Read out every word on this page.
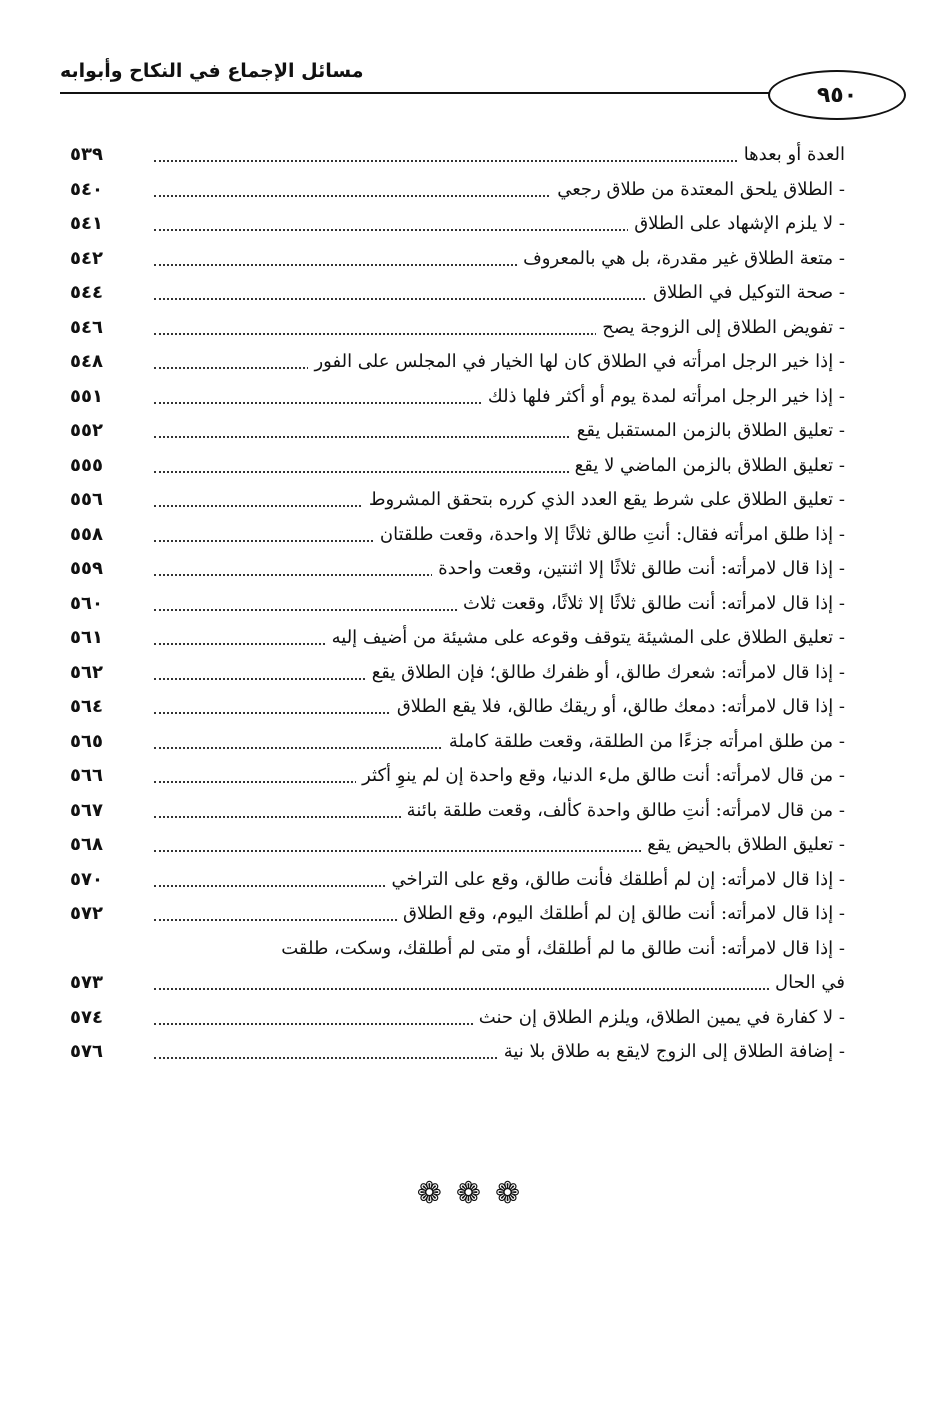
مسائل الإجماع في النكاح وأبوابه
٩٥٠
العدة أو بعدها
٥٣٩
- الطلاق يلحق المعتدة من طلاق رجعي
٥٤٠
- لا يلزم الإشهاد على الطلاق
٥٤١
- متعة الطلاق غير مقدرة، بل هي بالمعروف
٥٤٢
- صحة التوكيل في الطلاق
٥٤٤
- تفويض الطلاق إلى الزوجة يصح
٥٤٦
- إذا خير الرجل امرأته في الطلاق كان لها الخيار في المجلس على الفور
٥٤٨
- إذا خير الرجل امرأته لمدة يوم أو أكثر فلها ذلك
٥٥١
- تعليق الطلاق بالزمن المستقبل يقع
٥٥٢
- تعليق الطلاق بالزمن الماضي لا يقع
٥٥٥
- تعليق الطلاق على شرط يقع العدد الذي كرره بتحقق المشروط
٥٥٦
- إذا طلق امرأته فقال: أنتِ طالق ثلاثًا إلا واحدة، وقعت طلقتان
٥٥٨
- إذا قال لامرأته: أنت طالق ثلاثًا إلا اثنتين، وقعت واحدة
٥٥٩
- إذا قال لامرأته: أنت طالق ثلاثًا إلا ثلاثًا، وقعت ثلاث
٥٦٠
- تعليق الطلاق على المشيئة يتوقف وقوعه على مشيئة من أضيف إليه
٥٦١
- إذا قال لامرأته: شعرك طالق، أو ظفرك طالق؛ فإن الطلاق يقع
٥٦٢
- إذا قال لامرأته: دمعك طالق، أو ريقك طالق، فلا يقع الطلاق
٥٦٤
- من طلق امرأته جزءًا من الطلقة، وقعت طلقة كاملة
٥٦٥
- من قال لامرأته: أنت طالق ملء الدنيا، وقع واحدة إن لم ينوِ أكثر
٥٦٦
- من قال لامرأته: أنتِ طالق واحدة كألف، وقعت طلقة بائنة
٥٦٧
- تعليق الطلاق بالحيض يقع
٥٦٨
- إذا قال لامرأته: إن لم أطلقك فأنت طالق، وقع على التراخي
٥٧٠
- إذا قال لامرأته: أنت طالق إن لم أطلقك اليوم، وقع الطلاق
٥٧٢
- إذا قال لامرأته: أنت طالق ما لم أطلقك، أو متى لم أطلقك، وسكت، طلقت
في الحال
٥٧٣
- لا كفارة في يمين الطلاق، ويلزم الطلاق إن حنث
٥٧٤
- إضافة الطلاق إلى الزوج لايقع به طلاق بلا نية
٥٧٦
❁❁❁
